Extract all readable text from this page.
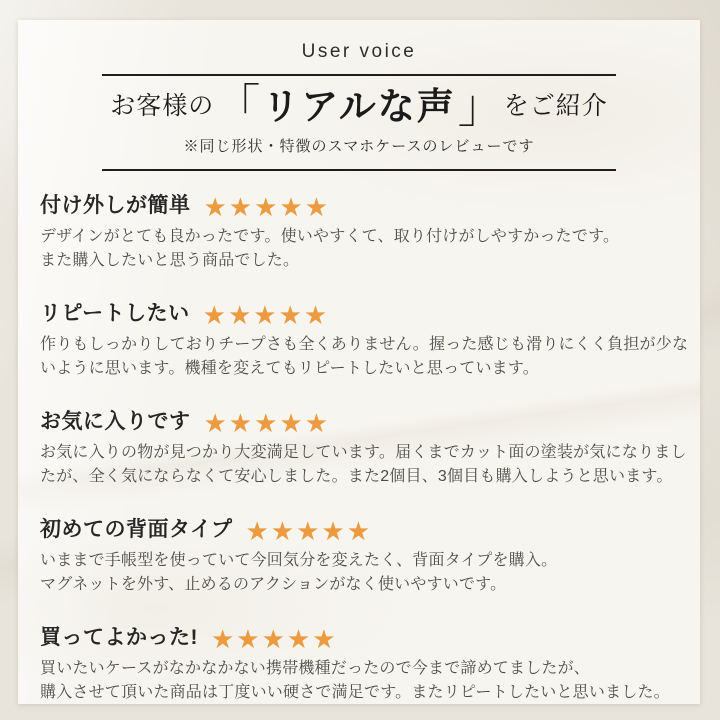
User voice
お客様の 「 リアルな声 」 をご紹介
※同じ形状・特徴のスマホケースのレビューです
付け外しが簡単 ★★★★★

デザインがとても良かったです。使いやすくて、取り付けがしやすかったです。
また購入したいと思う商品でした。

リピートしたい ★★★★★

作りもしっかりしておりチープさも全くありません。握った感じも滑りにくく負担が少な
いように思います。機種を変えてもリピートしたいと思っています。

お気に入りです ★★★★★

お気に入りの物が見つかり大変満足しています。届くまでカット面の塗装が気になりまし
たが、全く気にならなくて安心しました。また2個目、3個目も購入しようと思います。

初めての背面タイプ ★★★★★

いままで手帳型を使っていて今回気分を変えたく、背面タイプを購入。
マグネットを外す、止めるのアクションがなく使いやすいです。

買ってよかった! ★★★★★

買いたいケースがなかなかない携帯機種だったので今まで諦めてましたが、
購入させて頂いた商品は丁度いい硬さで満足です。またリピートしたいと思いました。
